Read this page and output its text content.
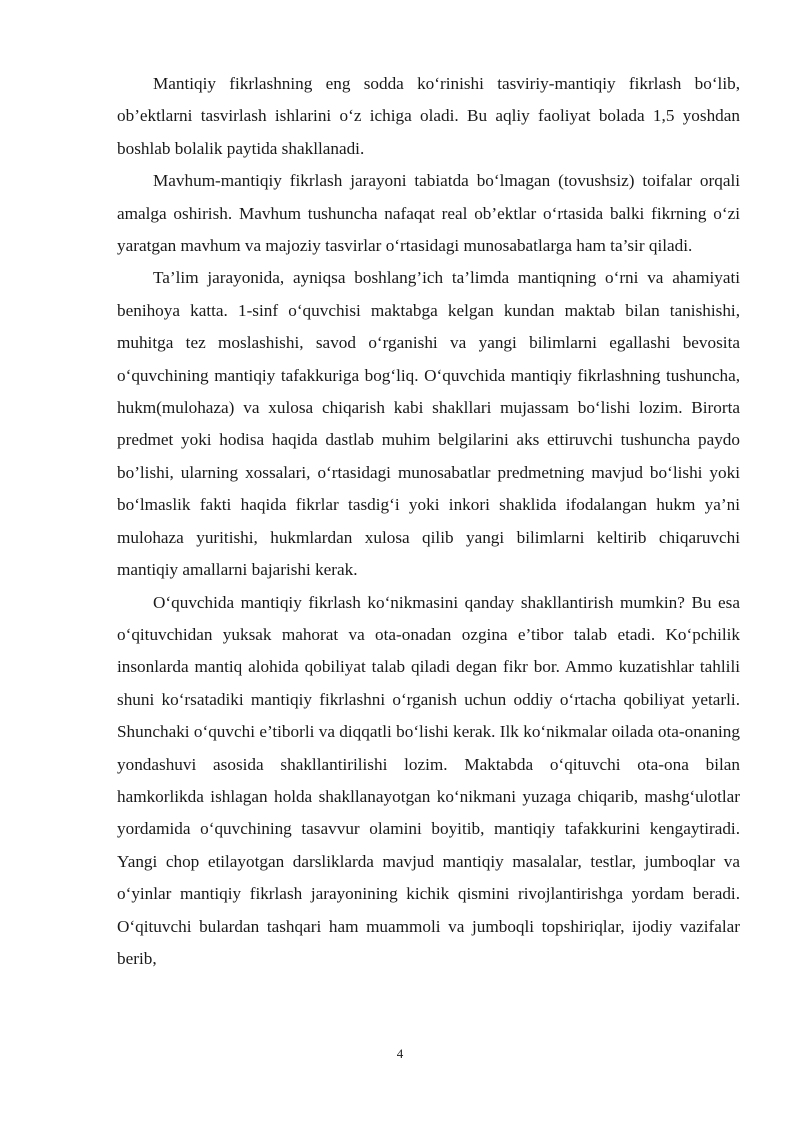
Mantiqiy fikrlashning eng sodda ko‘rinishi tasviriy-mantiqiy fikrlash bo‘lib, ob’ektlarni tasvirlash ishlarini o‘z ichiga oladi. Bu aqliy faoliyat bolada 1,5 yoshdan boshlab bolalik paytida shakllanadi.

Mavhum-mantiqiy fikrlash jarayoni tabiatda bo‘lmagan (tovushsiz) toifalar orqali amalga oshirish. Mavhum tushuncha nafaqat real ob’ektlar o‘rtasida balki fikrning o‘zi yaratgan mavhum va majoziy tasvirlar o‘rtasidagi munosabatlarga ham ta’sir qiladi.

Ta’lim jarayonida, ayniqsa boshlang’ich ta’limda mantiqning o‘rni va ahamiyati benihoya katta. 1-sinf o‘quvchisi maktabga kelgan kundan maktab bilan tanishishi, muhitga tez moslashishi, savod o‘rganishi va yangi bilimlarni egallashi bevosita o‘quvchining mantiqiy tafakkuriga bog‘liq. O‘quvchida mantiqiy fikrlashning tushuncha, hukm(mulohaza) va xulosa chiqarish kabi shakllari mujassam bo‘lishi lozim. Birorta predmet yoki hodisa haqida dastlab muhim belgilarini aks ettiruvchi tushuncha paydo bo’lishi, ularning xossalari, o‘rtasidagi munosabatlar predmetning mavjud bo‘lishi yoki bo‘lmaslik fakti haqida fikrlar tasdig‘i yoki inkori shaklida ifodalangan hukm ya’ni mulohaza yuritishi, hukmlardan xulosa qilib yangi bilimlarni keltirib chiqaruvchi mantiqiy amallarni bajarishi kerak.

O‘quvchida mantiqiy fikrlash ko‘nikmasini qanday shakllantirish mumkin? Bu esa o‘qituvchidan yuksak mahorat va ota-onadan ozgina e’tibor talab etadi. Ko‘pchilik insonlarda mantiq alohida qobiliyat talab qiladi degan fikr bor. Ammo kuzatishlar tahlili shuni ko‘rsatadiki mantiqiy fikrlashni o‘rganish uchun oddiy o‘rtacha qobiliyat yetarli. Shunchaki o‘quvchi e’tiborli va diqqatli bo‘lishi kerak. Ilk ko‘nikmalar oilada ota-onaning yondashuvi asosida shakllantirilishi lozim. Maktabda o‘qituvchi ota-ona bilan hamkorlikda ishlagan holda shakllanayotgan ko‘nikmani yuzaga chiqarib, mashg‘ulotlar yordamida o‘quvchining tasavvur olamini boyitib, mantiqiy tafakkurini kengaytiradi. Yangi chop etilayotgan darsliklarda mavjud mantiqiy masalalar, testlar, jumboqlar va o‘yinlar mantiqiy fikrlash jarayonining kichik qismini rivojlantirishga yordam beradi. O‘qituvchi bulardan tashqari ham muammoli va jumboqli topshiriqlar, ijodiy vazifalar berib,

4
